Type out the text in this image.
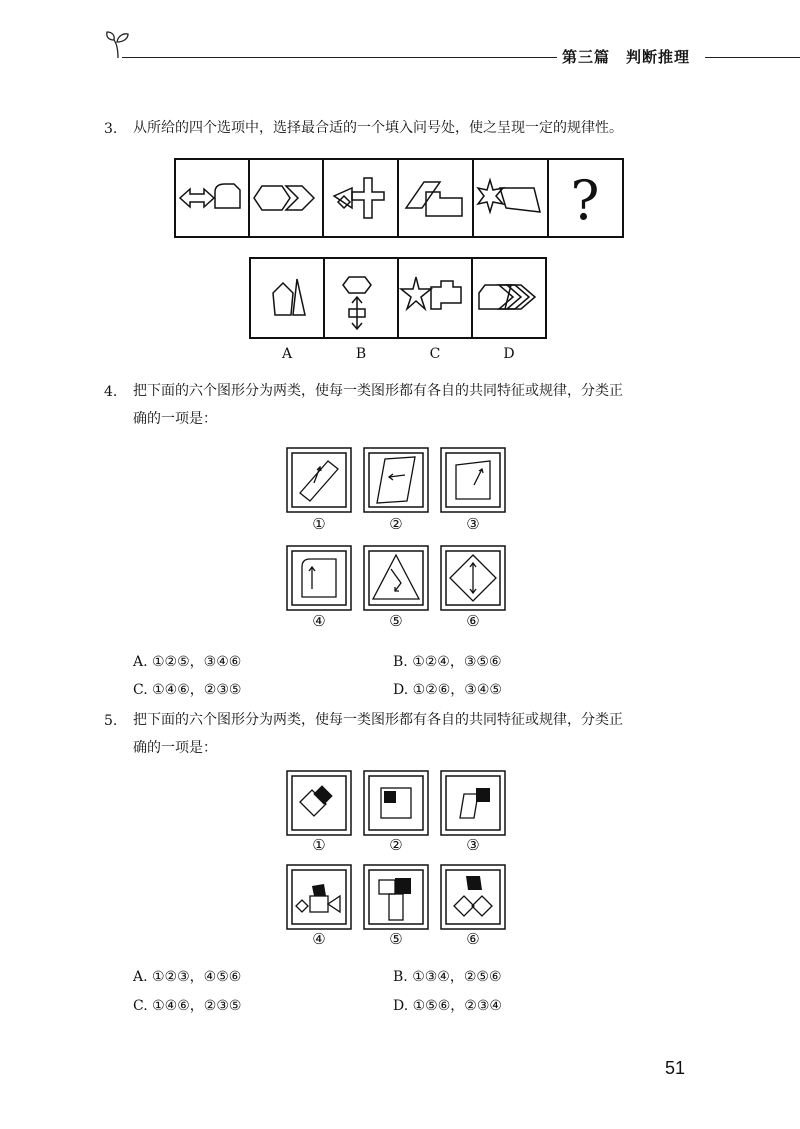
第三篇　判断推理
3. 从所给的四个选项中，选择最合适的一个填入问号处，使之呈现一定的规律性。
?
A	B	C	D
4. 把下面的六个图形分为两类，使每一类图形都有各自的共同特征或规律，分类正
确的一项是：
①	②	③
④	⑤	⑥
A. ①②⑤，③④⑥	B. ①②④，③⑤⑥
C. ①④⑥，②③⑤	D. ①②⑥，③④⑤
5. 把下面的六个图形分为两类，使每一类图形都有各自的共同特征或规律，分类正
确的一项是：
①	②	③
④	⑤	⑥
A. ①②③，④⑤⑥	B. ①③④，②⑤⑥
C. ①④⑥，②③⑤	D. ①⑤⑥，②③④
51
